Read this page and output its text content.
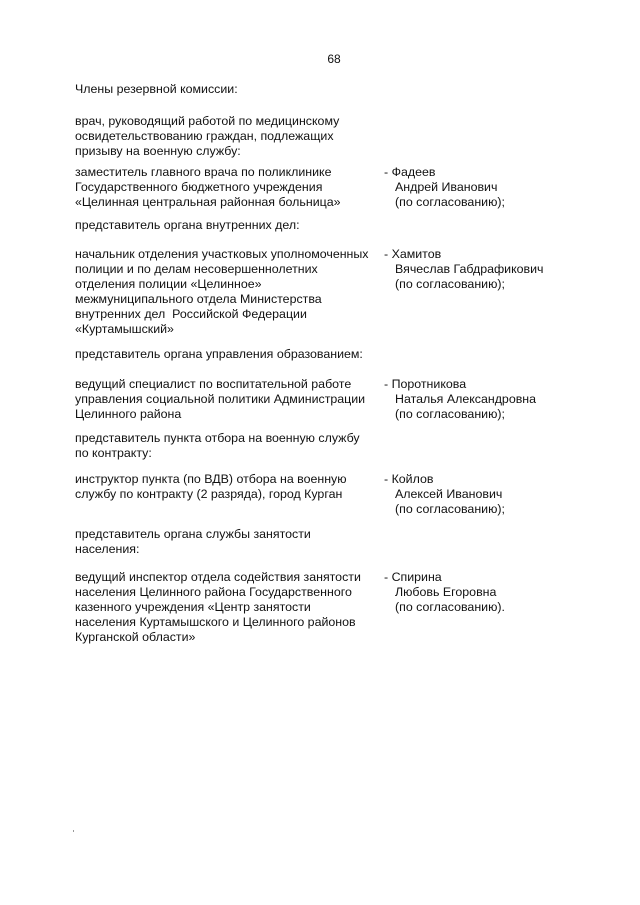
68
Члены резервной комиссии:
врач, руководящий работой по медицинскому
освидетельствованию граждан, подлежащих
призыву на военную службу:
заместитель главного врача по поликлинике
Государственного бюджетного учреждения
«Целинная центральная районная больница»
- Фадеев
Андрей Иванович
(по согласованию);
представитель органа внутренних дел:
начальник отделения участковых уполномоченных
полиции и по делам несовершеннолетних
отделения полиции «Целинное»
межмуниципального отдела Министерства
внутренних дел  Российской Федерации
«Куртамышский»
- Хамитов
Вячеслав Габдрафикович
(по согласованию);
представитель органа управления образованием:
ведущий специалист по воспитательной работе
управления социальной политики Администрации
Целинного района
- Поротникова
Наталья Александровна
(по согласованию);
представитель пункта отбора на военную службу
по контракту:
инструктор пункта (по ВДВ) отбора на военную
службу по контракту (2 разряда), город Курган
- Койлов
Алексей Иванович
(по согласованию);
представитель органа службы занятости
населения:
ведущий инспектор отдела содействия занятости
населения Целинного района Государственного
казенного учреждения «Центр занятости
населения Куртамышского и Целинного районов
Курганской области»
- Спирина
Любовь Егоровна
(по согласованию).
